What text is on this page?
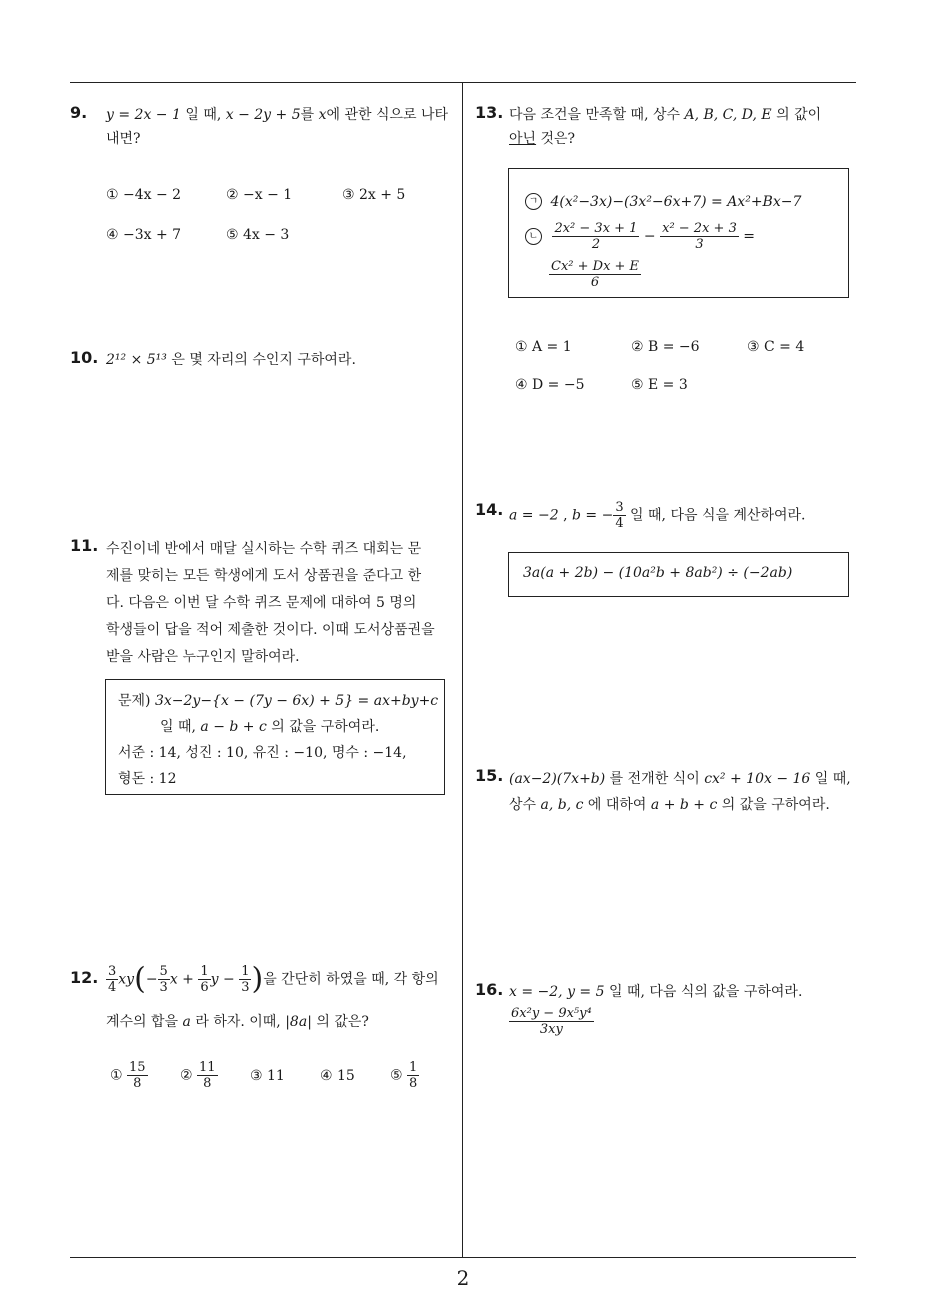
2
9. y = 2x − 1 일 때, x − 2y + 5를 x에 관한 식으로 나타
내면?
① −4x − 2	② −x − 1	③ 2x + 5
④ −3x + 7	⑤ 4x − 3
10. 2¹² × 5¹³ 은 몇 자리의 수인지 구하여라.
11. 수진이네 반에서 매달 실시하는 수학 퀴즈 대회는 문
제를 맞히는 모든 학생에게 도서 상품권을 준다고 한
다. 다음은 이번 달 수학 퀴즈 문제에 대하여 5 명의
학생들이 답을 적어 제출한 것이다. 이때 도서상품권을
받을 사람은 누구인지 말하여라.
문제) 3x−2y−{x − (7y − 6x) + 5} = ax+by+c
일 때, a − b + c 의 값을 구하여라.
서준 : 14, 성진 : 10, 유진 : −10, 명수 : −14,
형돈 : 12
12. $\frac{3}{4} xy(- \frac{5}{3}$ $x + \frac{1}{6}$ $y - \frac{1}{3}$ )을 간단히 하였을 때, 각 항의
계수의 합을 a 라 하자. 이때, |8a| 의 값은?
① $\frac{15}{8}$ ② $\frac{11}{8}$ ③ 11	④ 15	⑤ $\frac{1}{8}$
13. 다음 조건을 만족할 때, 상수 A, B, C, D, E 의 값이
아닌 것은?
ㄱ 4(x²−3x)−(3x²−6x+7) = Ax²+Bx−7
ㄴ $\frac{\text{2x² − 3x + 1}}{2} - \frac{\text{x² − 2x + 3}}{3}$ =
$\frac{\text{Cx² + Dx + E}}{6}$
① A = 1	② B = −6	③ C = 4
④ D = −5	⑤ E = 3
14. a = −2 , b = − $\frac{3}{4}$ 일 때, 다음 식을 계산하여라.
3a(a + 2b) − (10a²b + 8ab²) ÷ (−2ab)
15. (ax−2)(7x+b) 를 전개한 식이 cx² + 10x − 16 일 때,
상수 a, b, c 에 대하여 a + b + c 의 값을 구하여라.
16. x = −2, y = 5 일 때, 다음 식의 값을 구하여라.
$\frac{\text{6x²y − 9x⁵y⁴}}{3xy}$
